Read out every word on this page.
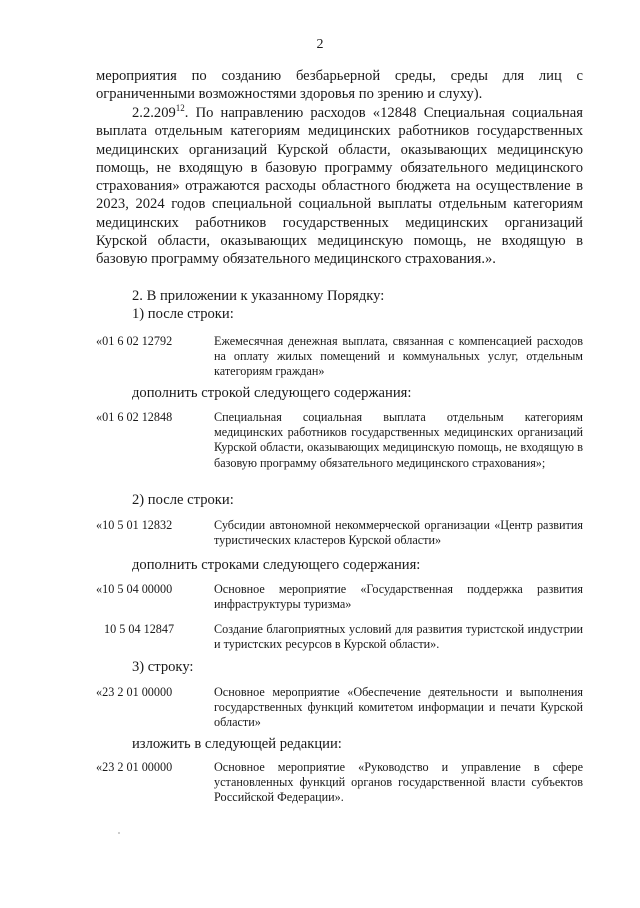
2
мероприятия по созданию безбарьерной среды, среды для лиц с ограниченными возможностями здоровья по зрению и слуху).
2.2.209$^{12}$. По направлению расходов «12848 Специальная социальная выплата отдельным категориям медицинских работников государственных медицинских организаций Курской области, оказывающих медицинскую помощь, не входящую в базовую программу обязательного медицинского страхования» отражаются расходы областного бюджета на осуществление в 2023, 2024 годов специальной социальной выплаты отдельным категориям медицинских работников государственных медицинских организаций Курской области, оказывающих медицинскую помощь, не входящую в базовую программу обязательного медицинского страхования.».
2. В приложении к указанному Порядку:
1) после строки:
«01 6 02 12792	Ежемесячная денежная выплата, связанная с компенсацией расходов на оплату жилых помещений и коммунальных услуг, отдельным категориям граждан»
дополнить строкой следующего содержания:
«01 6 02 12848	Специальная социальная выплата отдельным категориям медицинских работников государственных медицинских организаций Курской области, оказывающих медицинскую помощь, не входящую в базовую программу обязательного медицинского страхования»;
2) после строки:
«10 5 01 12832	Субсидии автономной некоммерческой организации «Центр развития туристических кластеров Курской области»
дополнить строками следующего содержания:
«10 5 04 00000	Основное мероприятие «Государственная поддержка развития инфраструктуры туризма»
10 5 04 12847	Создание благоприятных условий для развития туристской индустрии и туристских ресурсов в Курской области».
3) строку:
«23 2 01 00000	Основное мероприятие «Обеспечение деятельности и выполнения государственных функций комитетом информации и печати Курской области»
изложить в следующей редакции:
«23 2 01 00000	Основное мероприятие «Руководство и управление в сфере установленных функций органов государственной власти субъектов Российской Федерации».
